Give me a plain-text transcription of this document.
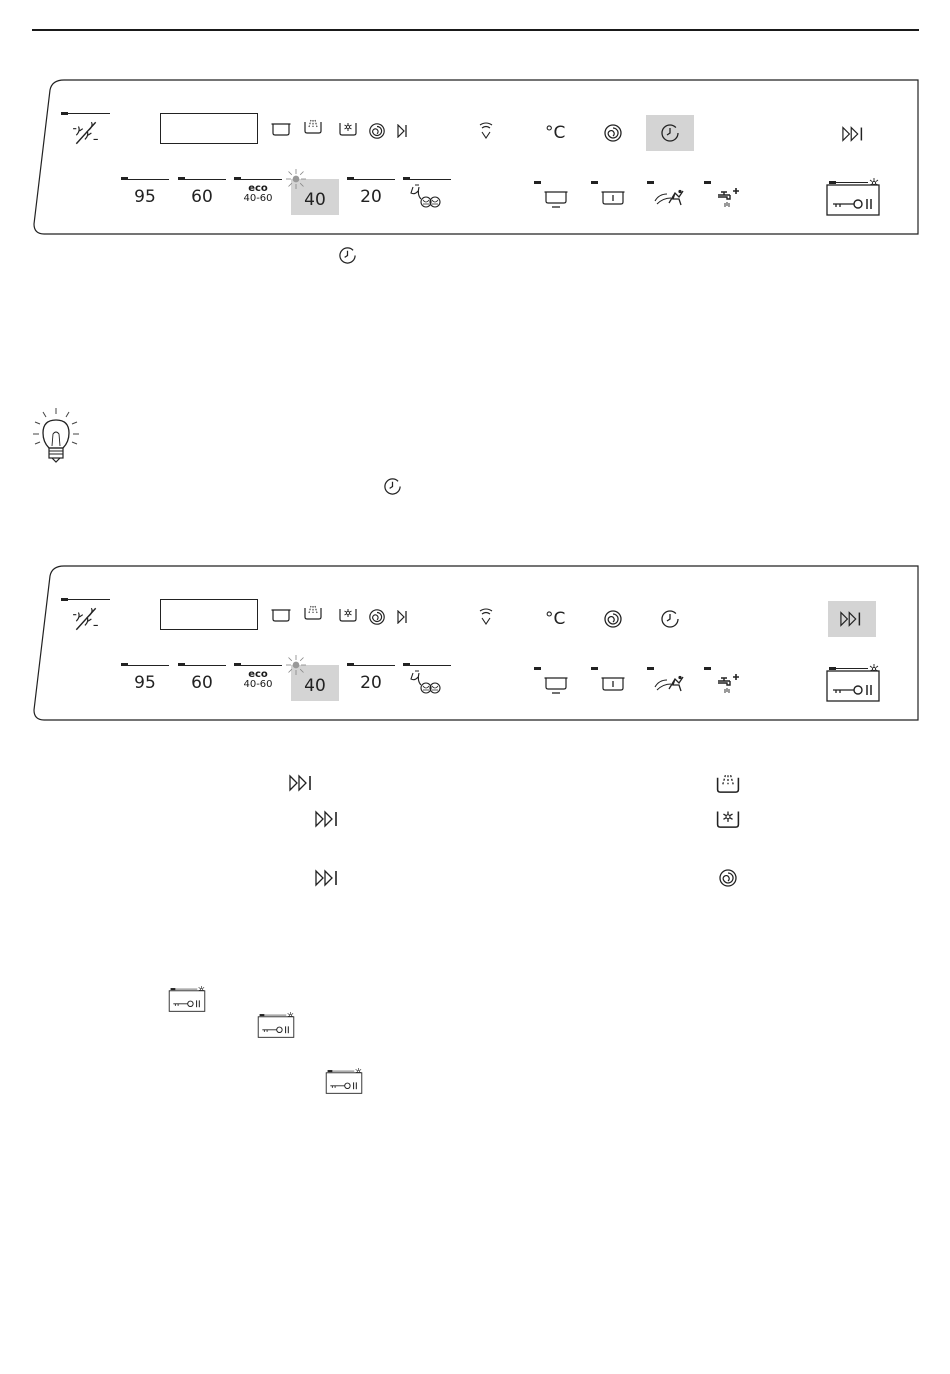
°C
95	60	eco
40-60	40	20
°C
95	60	eco
40-60	40	20
